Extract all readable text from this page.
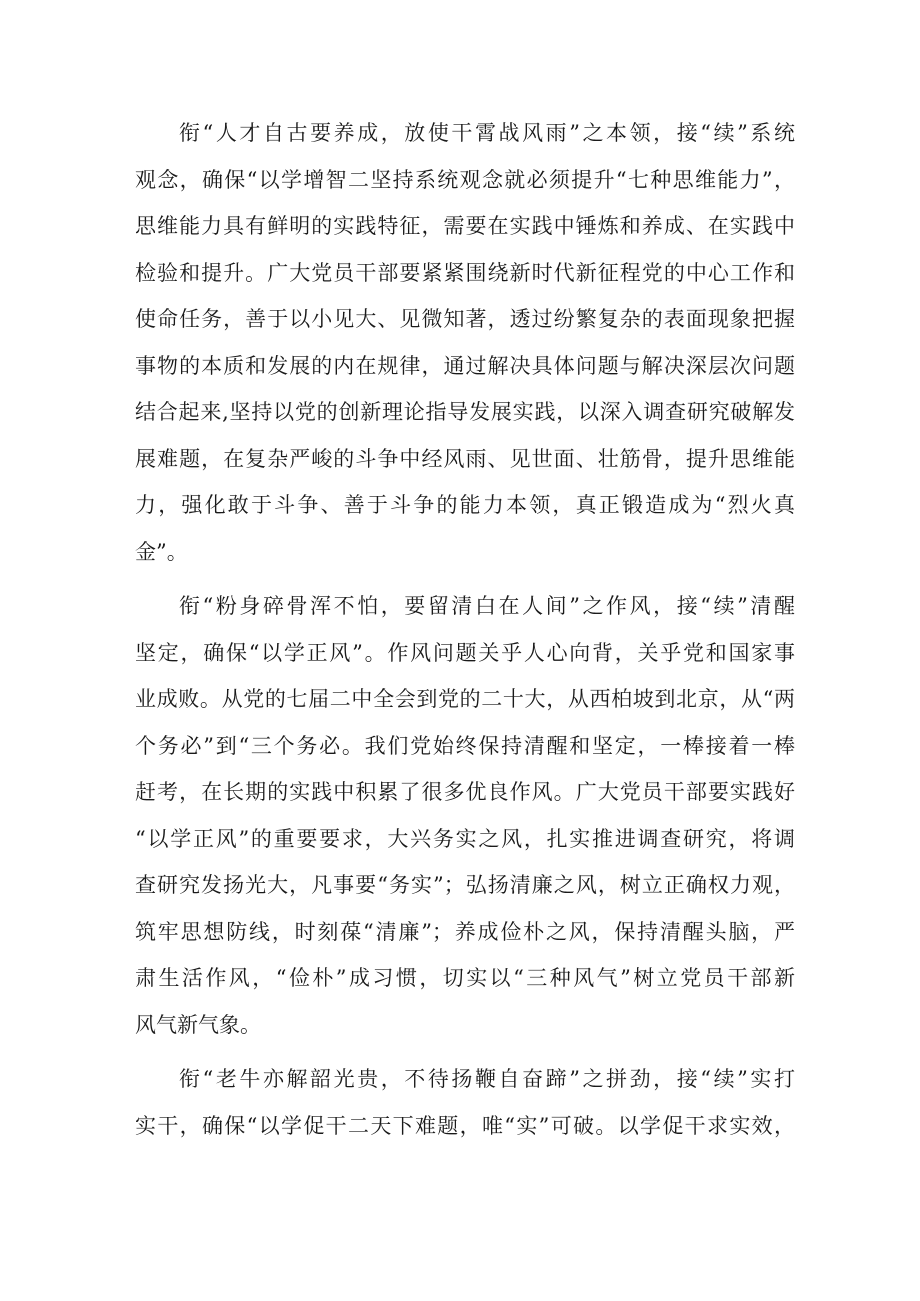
衔“人才自古要养成，放使干霄战风雨”之本领，接“续”系统
观念，确保“以学增智二坚持系统观念就必须提升“七种思维能力”，
思维能力具有鲜明的实践特征，需要在实践中锤炼和养成、在实践中
检验和提升。广大党员干部要紧紧围绕新时代新征程党的中心工作和
使命任务，善于以小见大、见微知著，透过纷繁复杂的表面现象把握
事物的本质和发展的内在规律，通过解决具体问题与解决深层次问题
结合起来,坚持以党的创新理论指导发展实践，以深入调查研究破解发
展难题，在复杂严峻的斗争中经风雨、见世面、壮筋骨，提升思维能
力，强化敢于斗争、善于斗争的能力本领，真正锻造成为“烈火真
金”。
衔“粉身碎骨浑不怕，要留清白在人间”之作风，接“续”清醒
坚定，确保“以学正风”。作风问题关乎人心向背，关乎党和国家事
业成败。从党的七届二中全会到党的二十大，从西柏坡到北京，从“两
个务必”到“三个务必。我们党始终保持清醒和坚定，一棒接着一棒
赶考，在长期的实践中积累了很多优良作风。广大党员干部要实践好
“以学正风”的重要要求，大兴务实之风，扎实推进调查研究，将调
查研究发扬光大，凡事要“务实”；弘扬清廉之风，树立正确权力观，
筑牢思想防线，时刻葆“清廉”；养成俭朴之风，保持清醒头脑，严
肃生活作风，“俭朴”成习惯，切实以“三种风气”树立党员干部新
风气新气象。
衔“老牛亦解韶光贵，不待扬鞭自奋蹄”之拼劲，接“续”实打
实干，确保“以学促干二天下难题，唯“实”可破。以学促干求实效，
